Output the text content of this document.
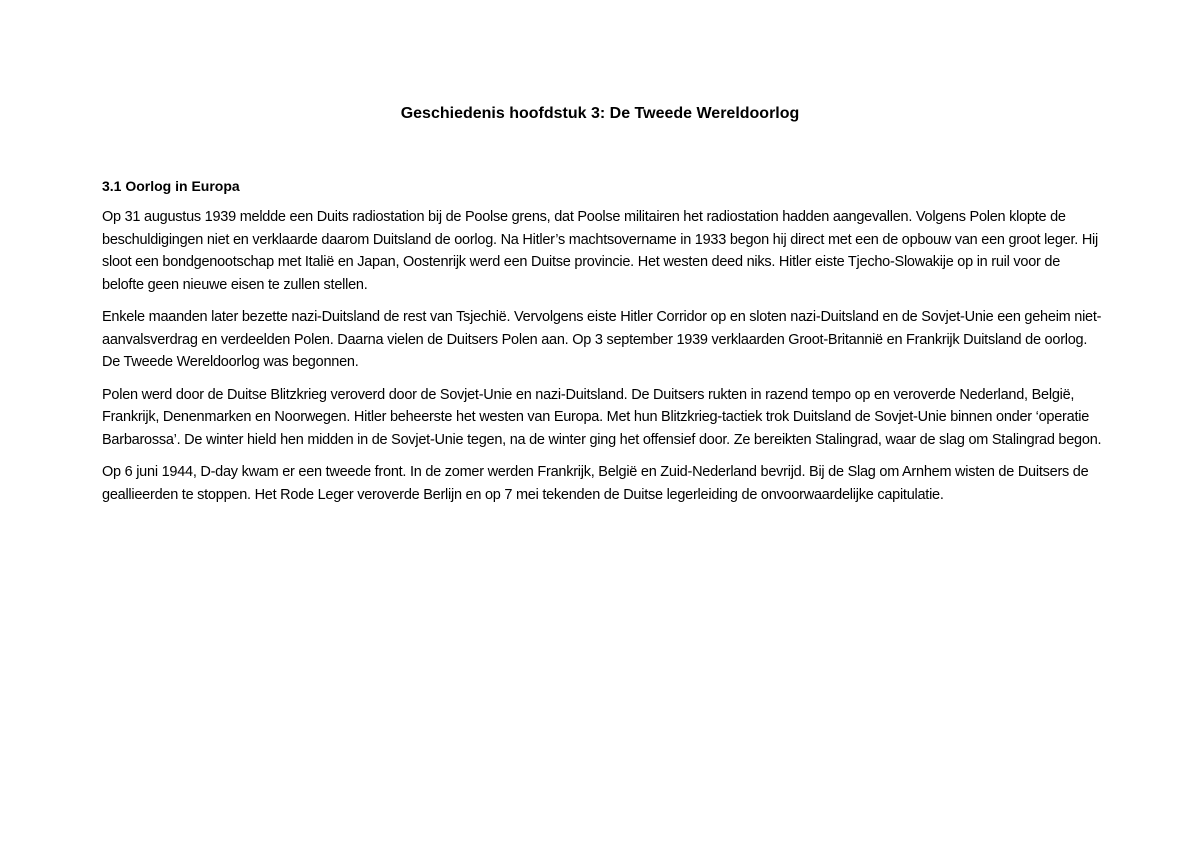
Geschiedenis hoofdstuk 3: De Tweede Wereldoorlog
3.1 Oorlog in Europa

Op 31 augustus 1939 meldde een Duits radiostation bij de Poolse grens, dat Poolse militairen het radiostation hadden aangevallen. Volgens Polen klopte de beschuldigingen niet en verklaarde daarom Duitsland de oorlog. Na Hitler’s machtsovername in 1933 begon hij direct met een de opbouw van een groot leger. Hij sloot een bondgenootschap met Italië en Japan, Oostenrijk werd een Duitse provincie. Het westen deed niks. Hitler eiste Tjecho-Slowakije op in ruil voor de belofte geen nieuwe eisen te zullen stellen.

Enkele maanden later bezette nazi-Duitsland de rest van Tsjechië. Vervolgens eiste Hitler Corridor op en sloten nazi-Duitsland en de Sovjet-Unie een geheim niet-aanvalsverdrag en verdeelden Polen. Daarna vielen de Duitsers Polen aan. Op 3 september 1939 verklaarden Groot-Britannië en Frankrijk Duitsland de oorlog. De Tweede Wereldoorlog was begonnen.

Polen werd door de Duitse Blitzkrieg veroverd door de Sovjet-Unie en nazi-Duitsland. De Duitsers rukten in razend tempo op en veroverde Nederland, België, Frankrijk, Denenmarken en Noorwegen. Hitler beheerste het westen van Europa. Met hun Blitzkrieg-tactiek trok Duitsland de Sovjet-Unie binnen onder ‘operatie Barbarossa’. De winter hield hen midden in de Sovjet-Unie tegen, na de winter ging het offensief door. Ze bereikten Stalingrad, waar de slag om Stalingrad begon.

Op 6 juni 1944, D-day kwam er een tweede front. In de zomer werden Frankrijk, België en Zuid-Nederland bevrijd. Bij de Slag om Arnhem wisten de Duitsers de geallieerden te stoppen. Het Rode Leger veroverde Berlijn en op 7 mei tekenden de Duitse legerleiding de onvoorwaardelijke capitulatie.
